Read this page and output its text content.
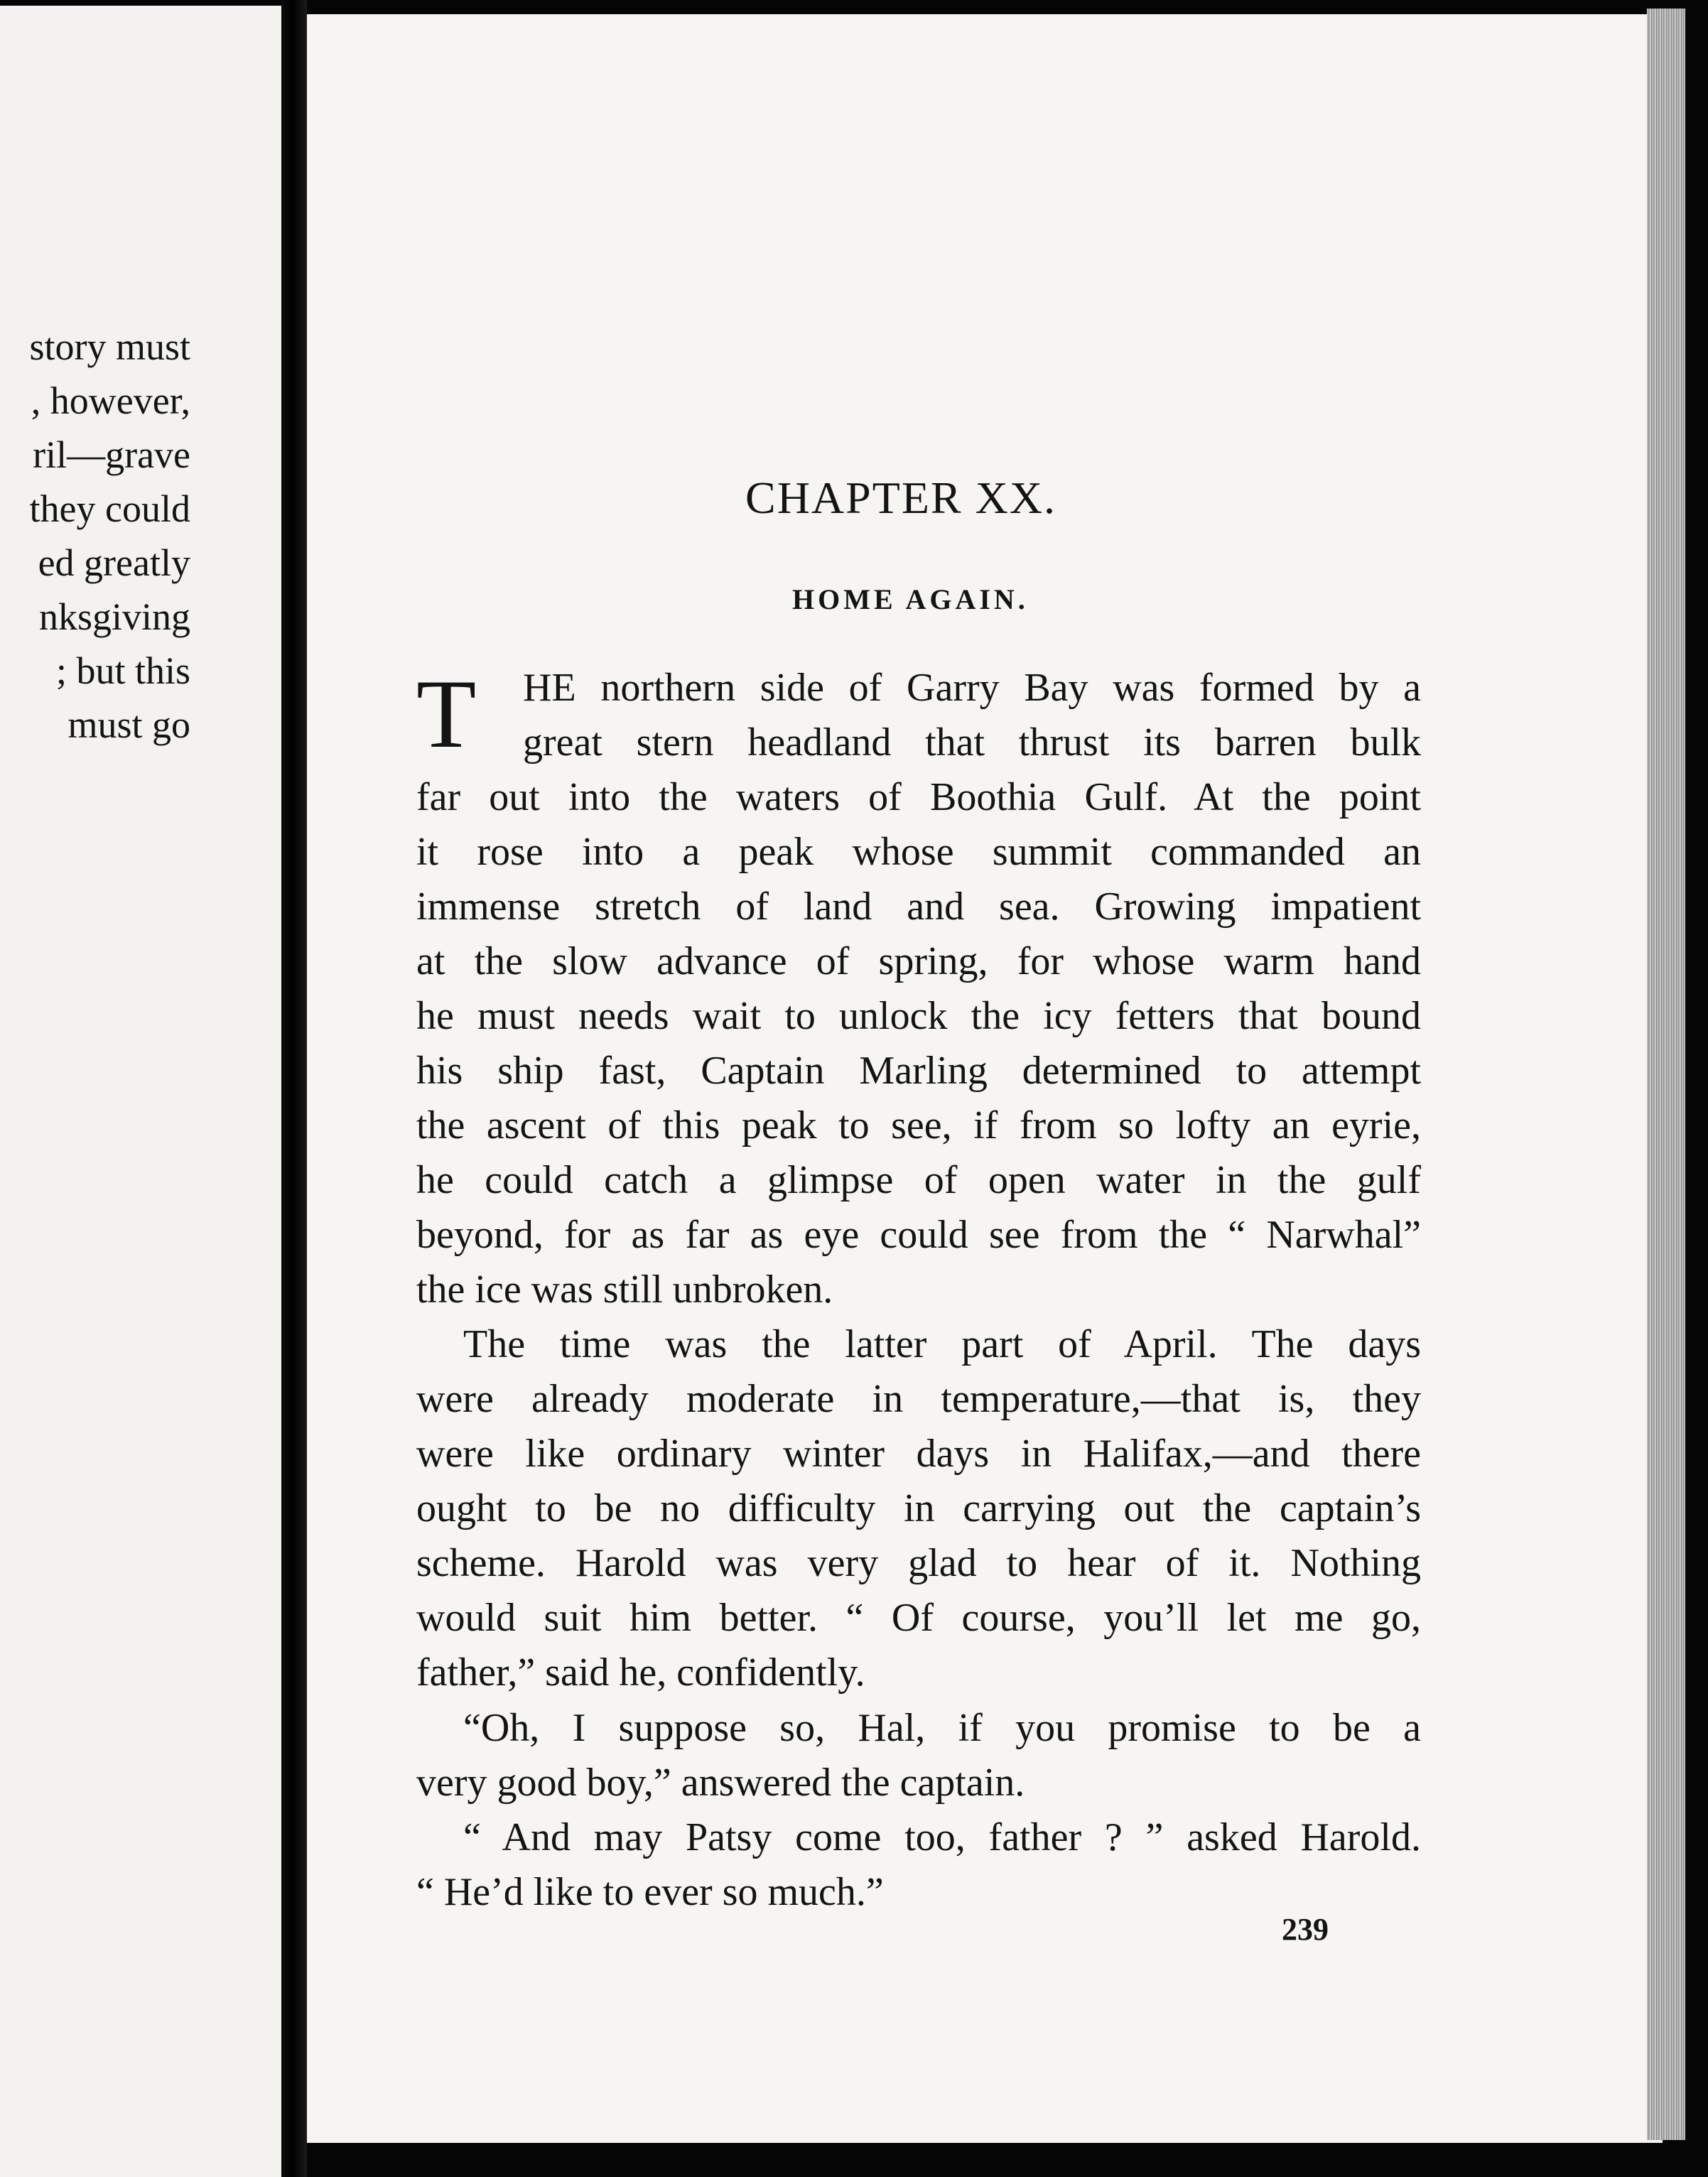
story must
, however,
ril—grave
they could
ed greatly
nksgiving
; but this
must go
CHAPTER XX.
HOME AGAIN.
T HE northern side of Garry Bay was formed by a
great stern headland that thrust its barren bulk
far out into the waters of Boothia Gulf. At the point
it rose into a peak whose summit commanded an
immense stretch of land and sea. Growing impatient
at the slow advance of spring, for whose warm hand
he must needs wait to unlock the icy fetters that bound
his ship fast, Captain Marling determined to attempt
the ascent of this peak to see, if from so lofty an eyrie,
he could catch a glimpse of open water in the gulf
beyond, for as far as eye could see from the “ Narwhal”
the ice was still unbroken.
The time was the latter part of April. The days
were already moderate in temperature,—that is, they
were like ordinary winter days in Halifax,—and there
ought to be no difficulty in carrying out the captain’s
scheme. Harold was very glad to hear of it. Nothing
would suit him better. “ Of course, you’ll let me go,
father,” said he, confidently.
“Oh, I suppose so, Hal, if you promise to be a
very good boy,” answered the captain.
“ And may Patsy come too, father ? ” asked Harold.
“ He’d like to ever so much.”
239
